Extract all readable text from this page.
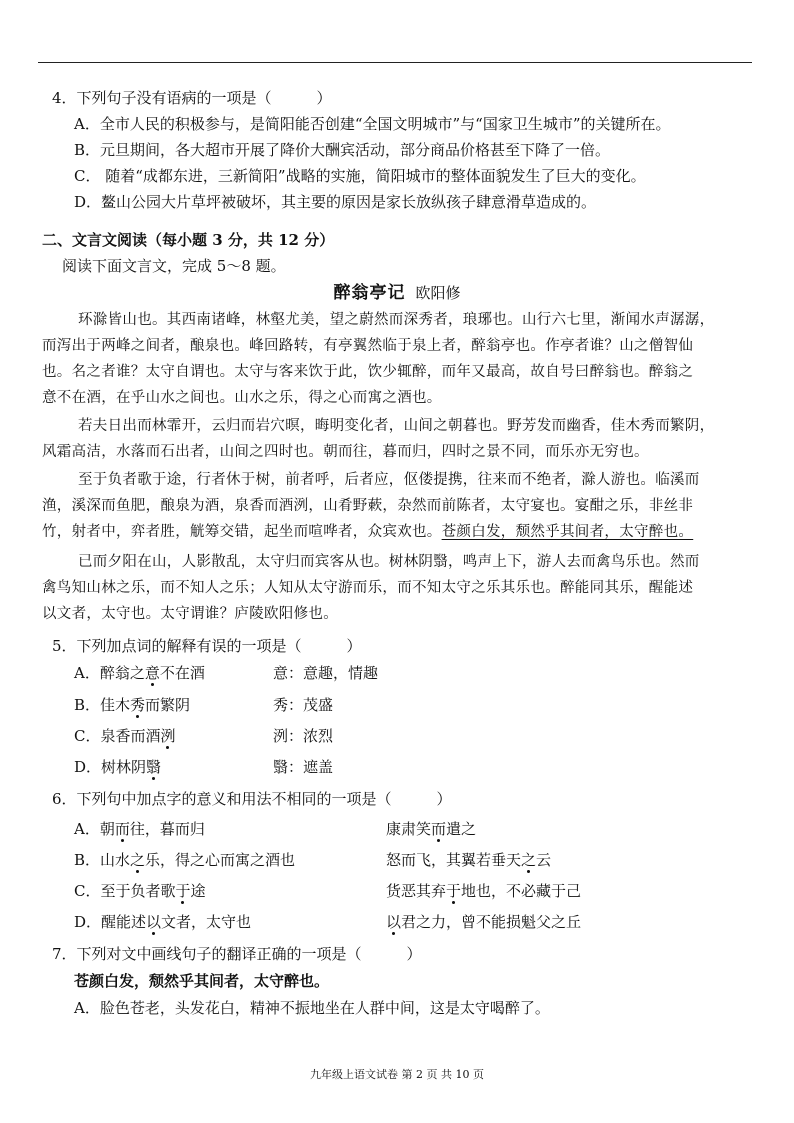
4．下列句子没有语病的一项是（　　　）
A．全市人民的积极参与，是简阳能否创建“全国文明城市”与“国家卫生城市”的关键所在。
B．元旦期间，各大超市开展了降价大酬宾活动，部分商品价格甚至下降了一倍。
C． 随着“成都东进，三新简阳”战略的实施，简阳城市的整体面貌发生了巨大的变化。
D．鳌山公园大片草坪被破坏，其主要的原因是家长放纵孩子肆意滑草造成的。
二、文言文阅读（每小题 3 分，共 12 分）
阅读下面文言文，完成 5～8 题。
醉翁亭记 欧阳修
环滁皆山也。其西南诸峰，林壑尤美，望之蔚然而深秀者，琅琊也。山行六七里，渐闻水声潺潺，
而泻出于两峰之间者，酿泉也。峰回路转，有亭翼然临于泉上者，醉翁亭也。作亭者谁？山之僧智仙
也。名之者谁？太守自谓也。太守与客来饮于此，饮少辄醉，而年又最高，故自号曰醉翁也。醉翁之
意不在酒，在乎山水之间也。山水之乐，得之心而寓之酒也。
若夫日出而林霏开，云归而岩穴暝，晦明变化者，山间之朝暮也。野芳发而幽香，佳木秀而繁阴，
风霜高洁，水落而石出者，山间之四时也。朝而往，暮而归，四时之景不同，而乐亦无穷也。
至于负者歌于途，行者休于树，前者呼，后者应，伛偻提携，往来而不绝者，滁人游也。临溪而
渔，溪深而鱼肥，酿泉为酒，泉香而酒洌，山肴野蔌，杂然而前陈者，太守宴也。宴酣之乐，非丝非
竹，射者中，弈者胜，觥筹交错，起坐而喧哗者，众宾欢也。苍颜白发，颓然乎其间者，太守醉也。
已而夕阳在山，人影散乱，太守归而宾客从也。树林阴翳，鸣声上下，游人去而禽鸟乐也。然而
禽鸟知山林之乐，而不知人之乐；人知从太守游而乐，而不知太守之乐其乐也。醉能同其乐，醒能述
以文者，太守也。太守谓谁？庐陵欧阳修也。
5．下列加点词的解释有误的一项是（　　　）
A．醉翁之意不在酒	意：意趣，情趣
B．佳木秀而繁阴	秀：茂盛
C．泉香而酒洌	洌：浓烈
D．树林阴翳	翳：遮盖
6．下列句中加点字的意义和用法不相同的一项是（　　　）
A．朝而往，暮而归	康肃笑而遣之
B．山水之乐，得之心而寓之酒也	怒而飞，其翼若垂天之云
C．至于负者歌于途	货恶其弃于地也，不必藏于己
D．醒能述以文者，太守也	以君之力，曾不能损魁父之丘
7．下列对文中画线句子的翻译正确的一项是（　　　）
苍颜白发，颓然乎其间者，太守醉也。
A．脸色苍老，头发花白，精神不振地坐在人群中间，这是太守喝醉了。
九年级上语文试卷 第 2 页 共 10 页
